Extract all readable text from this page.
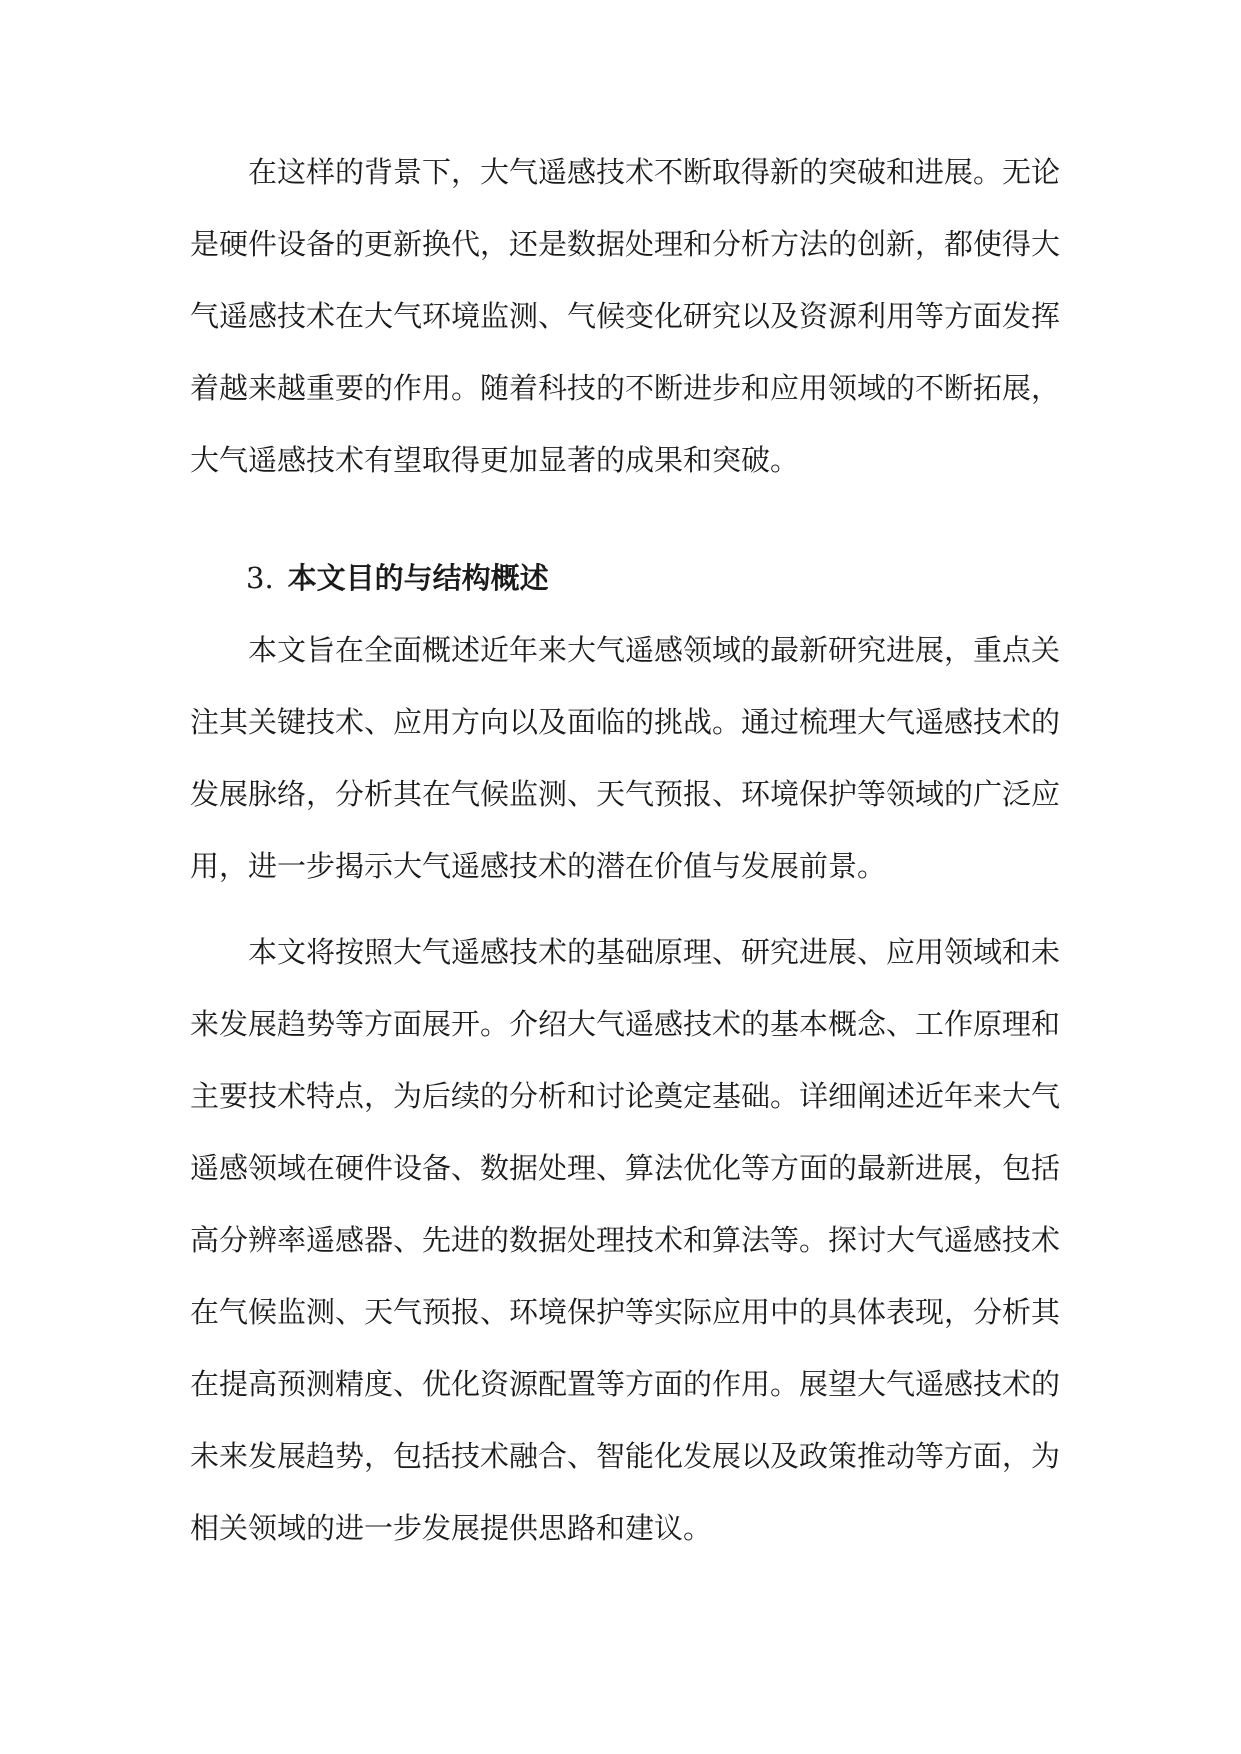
在这样的背景下，大气遥感技术不断取得新的突破和进展。无论
是硬件设备的更新换代，还是数据处理和分析方法的创新，都使得大
气遥感技术在大气环境监测、气候变化研究以及资源利用等方面发挥
着越来越重要的作用。随着科技的不断进步和应用领域的不断拓展，
大气遥感技术有望取得更加显著的成果和突破。
3. 本文目的与结构概述
本文旨在全面概述近年来大气遥感领域的最新研究进展，重点关
注其关键技术、应用方向以及面临的挑战。通过梳理大气遥感技术的
发展脉络，分析其在气候监测、天气预报、环境保护等领域的广泛应
用，进一步揭示大气遥感技术的潜在价值与发展前景。
本文将按照大气遥感技术的基础原理、研究进展、应用领域和未
来发展趋势等方面展开。介绍大气遥感技术的基本概念、工作原理和
主要技术特点，为后续的分析和讨论奠定基础。详细阐述近年来大气
遥感领域在硬件设备、数据处理、算法优化等方面的最新进展，包括
高分辨率遥感器、先进的数据处理技术和算法等。探讨大气遥感技术
在气候监测、天气预报、环境保护等实际应用中的具体表现，分析其
在提高预测精度、优化资源配置等方面的作用。展望大气遥感技术的
未来发展趋势，包括技术融合、智能化发展以及政策推动等方面，为
相关领域的进一步发展提供思路和建议。
